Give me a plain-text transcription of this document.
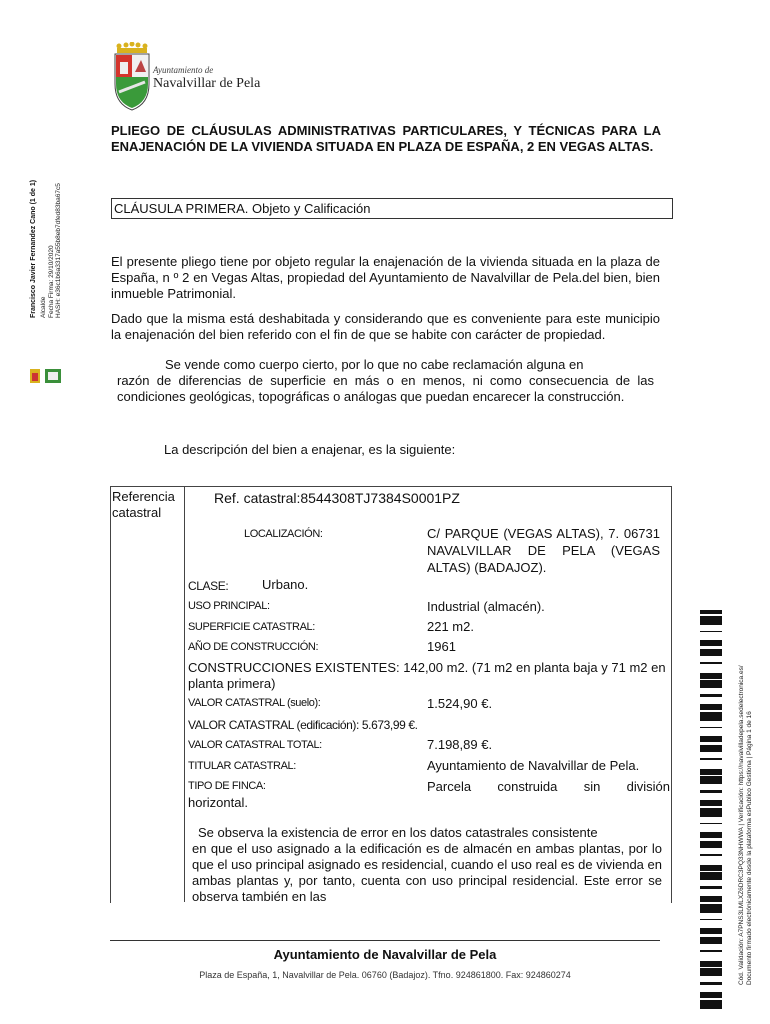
Ayuntamiento de
Navalvillar de Pela
PLIEGO DE CLÁUSULAS ADMINISTRATIVAS PARTICULARES, Y TÉCNICAS PARA LA ENAJENACIÓN DE LA VIVIENDA SITUADA EN PLAZA DE ESPAÑA, 2 EN VEGAS ALTAS.
CLÁUSULA PRIMERA. Objeto y Calificación
El presente pliego tiene por objeto regular la enajenación de la vivienda situada en la plaza de España, n º 2 en Vegas Altas, propiedad del Ayuntamiento de Navalvillar de Pela.del bien, bien inmueble Patrimonial.
Dado que la misma está deshabitada y considerando que es conveniente para este municipio la enajenación del bien referido con el fin de que se habite con carácter de propiedad.
Se vende como cuerpo cierto, por lo que no cabe reclamación alguna en
razón de diferencias de superficie en más o en menos, ni como consecuencia de las condiciones geológicas, topográficas o análogas que puedan encarecer la construcción.
La descripción del bien a enajenar, es la siguiente:
Referencia catastral
Ref. catastral:8544308TJ7384S0001PZ
LOCALIZACIÓN:	C/ PARQUE (VEGAS ALTAS), 7. 06731 NAVALVILLAR DE PELA (VEGAS ALTAS) (BADAJOZ).
CLASE:	Urbano.
USO PRINCIPAL:	Industrial (almacén).
SUPERFICIE CATASTRAL:	221 m2.
AÑO DE CONSTRUCCIÓN:	1961
CONSTRUCCIONES EXISTENTES: 142,00 m2. (71 m2 en planta baja y 71 m2 en planta primera)
VALOR CATASTRAL (suelo):	1.524,90 €.
VALOR CATASTRAL (edificación): 5.673,99 €.
VALOR CATASTRAL TOTAL:	7.198,89 €.
TITULAR CATASTRAL:	Ayuntamiento de Navalvillar de Pela.
TIPO DE FINCA:	Parcela construida sin división
horizontal.
Se observa la existencia de error en los datos catastrales consistente
en que el uso asignado a la edificación es de almacén en ambas plantas, por lo que el uso principal asignado es residencial, cuando el uso real es de vivienda en ambas plantas y, por tanto, cuenta con uso principal residencial. Este error se observa también en las
Ayuntamiento de Navalvillar de Pela
Plaza de España, 1, Navalvillar de Pela. 06760 (Badajoz). Tfno. 924861800. Fax: 924860274
Francisco Javier Fernandez Cano (1 de 1) Alcalde Fecha Firma: 29/10/2020 HASH: e36c1b6a3317a55b8eb7dfed83ba67c5
Cód. Validación: A7PNS3LMLXZ6DRC3PQ33NHWWA | Verificación: https://navalvilladepela.sedelectronica.es/ Documento firmado electrónicamente desde la plataforma esPublico Gestiona | Página 1 de 16
